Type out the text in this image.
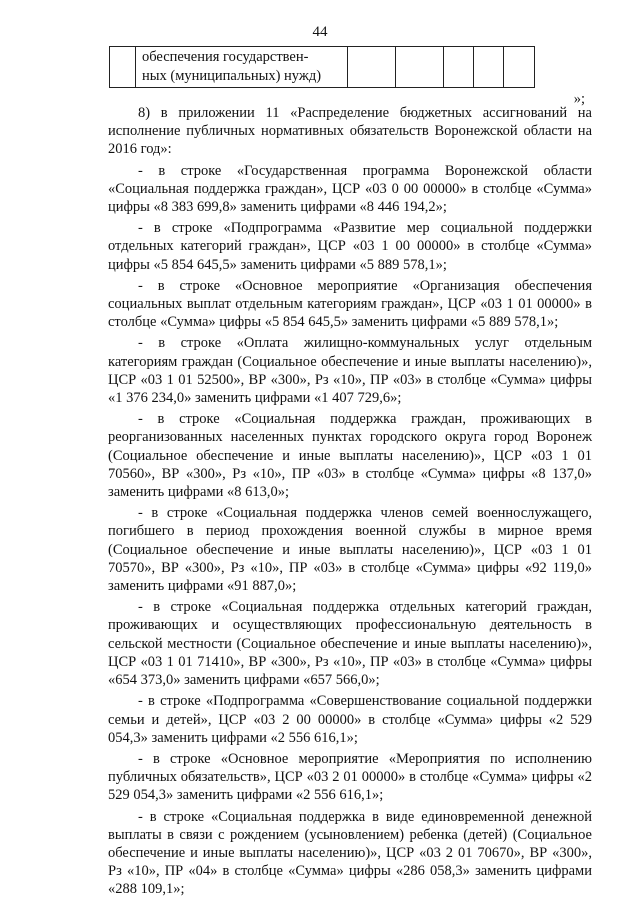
44

обеспечения государствен-
ных (муниципальных) нужд)

»;

8) в приложении 11 «Распределение бюджетных ассигнований на исполнение публичных нормативных обязательств Воронежской области на 2016 год»:

- в строке «Государственная программа Воронежской области «Социальная поддержка граждан», ЦСР «03 0 00 00000» в столбце «Сумма» цифры «8 383 699,8» заменить цифрами «8 446 194,2»;

- в строке «Подпрограмма «Развитие мер социальной поддержки отдельных категорий граждан», ЦСР «03 1 00 00000» в столбце «Сумма» цифры «5 854 645,5» заменить цифрами «5 889 578,1»;

- в строке «Основное мероприятие «Организация обеспечения социальных выплат отдельным категориям граждан», ЦСР «03 1 01 00000» в столбце «Сумма» цифры «5 854 645,5» заменить цифрами «5 889 578,1»;

- в строке «Оплата жилищно-коммунальных услуг отдельным категориям граждан (Социальное обеспечение и иные выплаты населению)», ЦСР «03 1 01 52500», ВР «300», Рз «10», ПР «03» в столбце «Сумма» цифры «1 376 234,0» заменить цифрами «1 407 729,6»;

- в строке «Социальная поддержка граждан, проживающих в реорганизованных населенных пунктах городского округа город Воронеж (Социальное обеспечение и иные выплаты населению)», ЦСР «03 1 01 70560», ВР «300», Рз «10», ПР «03» в столбце «Сумма» цифры «8 137,0» заменить цифрами «8 613,0»;

- в строке «Социальная поддержка членов семей военнослужащего, погибшего в период прохождения военной службы в мирное время (Социальное обеспечение и иные выплаты населению)», ЦСР «03 1 01 70570», ВР «300», Рз «10», ПР «03» в столбце «Сумма» цифры «92 119,0» заменить цифрами «91 887,0»;

- в строке «Социальная поддержка отдельных категорий граждан, проживающих и осуществляющих профессиональную деятельность в сельской местности (Социальное обеспечение и иные выплаты населению)», ЦСР «03 1 01 71410», ВР «300», Рз «10», ПР «03» в столбце «Сумма» цифры «654 373,0» заменить цифрами «657 566,0»;

- в строке «Подпрограмма «Совершенствование социальной поддержки семьи и детей», ЦСР «03 2 00 00000» в столбце «Сумма» цифры «2 529 054,3» заменить цифрами «2 556 616,1»;

- в строке «Основное мероприятие «Мероприятия по исполнению публичных обязательств», ЦСР «03 2 01 00000» в столбце «Сумма» цифры «2 529 054,3» заменить цифрами «2 556 616,1»;

- в строке «Социальная поддержка в виде единовременной денежной выплаты в связи с рождением (усыновлением) ребенка (детей) (Социальное обеспечение и иные выплаты населению)», ЦСР «03 2 01 70670», ВР «300», Рз «10», ПР «04» в столбце «Сумма» цифры «286 058,3» заменить цифрами «288 109,1»;
